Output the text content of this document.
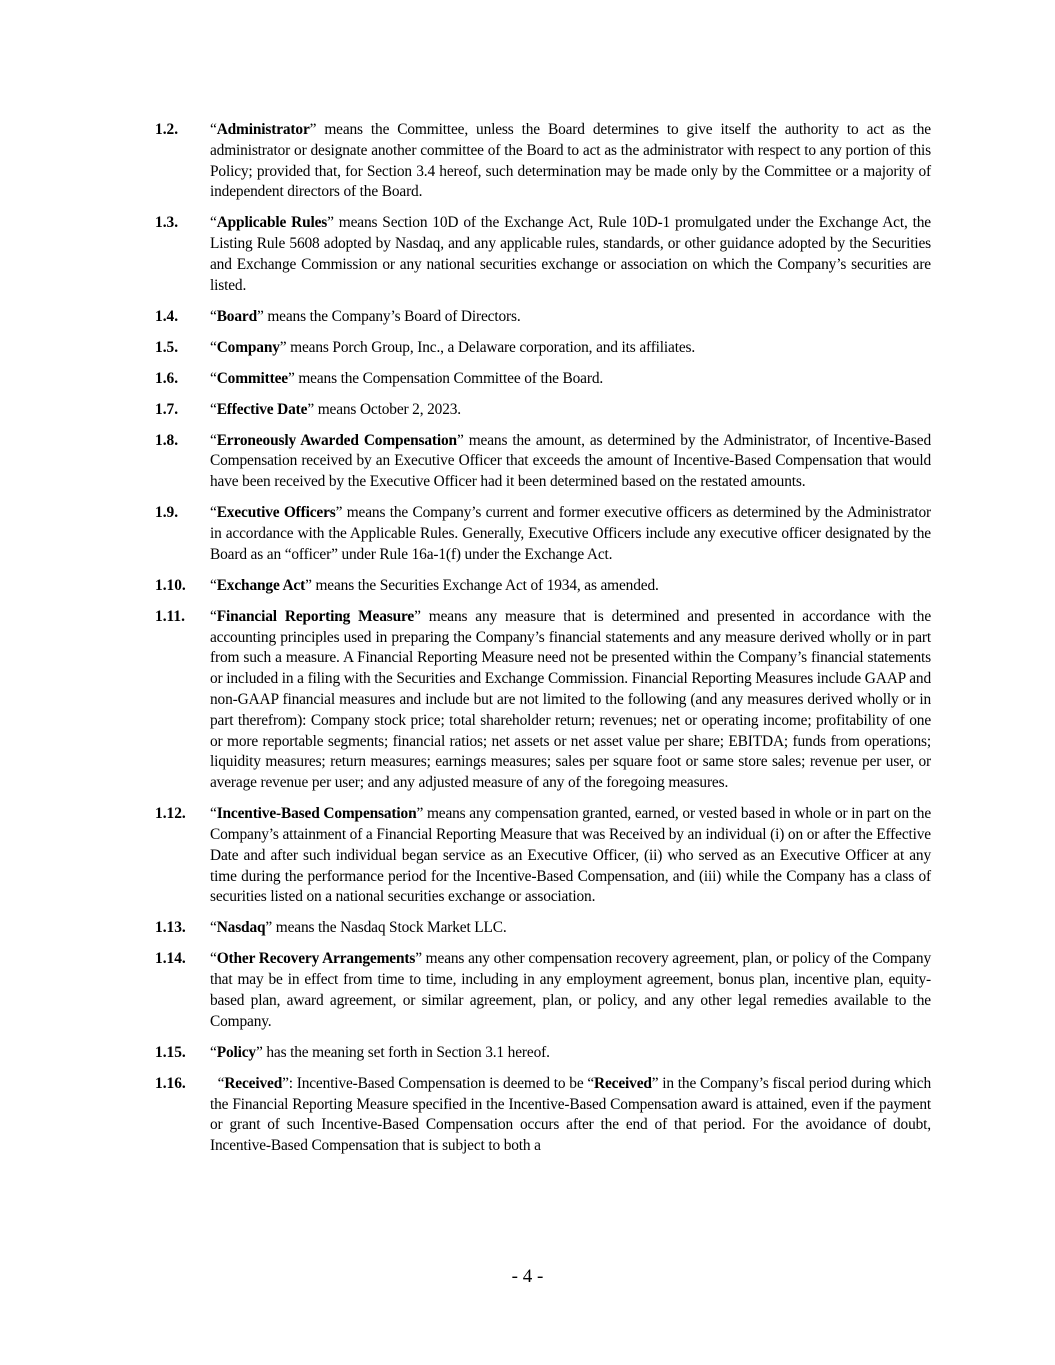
1.2.	“Administrator” means the Committee, unless the Board determines to give itself the authority to act as the administrator or designate another committee of the Board to act as the administrator with respect to any portion of this Policy; provided that, for Section 3.4 hereof, such determination may be made only by the Committee or a majority of independent directors of the Board.
1.3.	“Applicable Rules” means Section 10D of the Exchange Act, Rule 10D-1 promulgated under the Exchange Act, the Listing Rule 5608 adopted by Nasdaq, and any applicable rules, standards, or other guidance adopted by the Securities and Exchange Commission or any national securities exchange or association on which the Company’s securities are listed.
1.4.	“Board” means the Company’s Board of Directors.
1.5.	“Company” means Porch Group, Inc., a Delaware corporation, and its affiliates.
1.6.	“Committee” means the Compensation Committee of the Board.
1.7.	“Effective Date” means October 2, 2023.
1.8.	“Erroneously Awarded Compensation” means the amount, as determined by the Administrator, of Incentive-Based Compensation received by an Executive Officer that exceeds the amount of Incentive-Based Compensation that would have been received by the Executive Officer had it been determined based on the restated amounts.
1.9.	“Executive Officers” means the Company’s current and former executive officers as determined by the Administrator in accordance with the Applicable Rules. Generally, Executive Officers include any executive officer designated by the Board as an “officer” under Rule 16a-1(f) under the Exchange Act.
1.10.	“Exchange Act” means the Securities Exchange Act of 1934, as amended.
1.11.	“Financial Reporting Measure” means any measure that is determined and presented in accordance with the accounting principles used in preparing the Company’s financial statements and any measure derived wholly or in part from such a measure. A Financial Reporting Measure need not be presented within the Company’s financial statements or included in a filing with the Securities and Exchange Commission. Financial Reporting Measures include GAAP and non-GAAP financial measures and include but are not limited to the following (and any measures derived wholly or in part therefrom): Company stock price; total shareholder return; revenues; net or operating income; profitability of one or more reportable segments; financial ratios; net assets or net asset value per share; EBITDA; funds from operations; liquidity measures; return measures; earnings measures; sales per square foot or same store sales; revenue per user, or average revenue per user; and any adjusted measure of any of the foregoing measures.
1.12.	“Incentive-Based Compensation” means any compensation granted, earned, or vested based in whole or in part on the Company’s attainment of a Financial Reporting Measure that was Received by an individual (i) on or after the Effective Date and after such individual began service as an Executive Officer, (ii) who served as an Executive Officer at any time during the performance period for the Incentive-Based Compensation, and (iii) while the Company has a class of securities listed on a national securities exchange or association.
1.13.	“Nasdaq” means the Nasdaq Stock Market LLC.
1.14.	“Other Recovery Arrangements” means any other compensation recovery agreement, plan, or policy of the Company that may be in effect from time to time, including in any employment agreement, bonus plan, incentive plan, equity-based plan, award agreement, or similar agreement, plan, or policy, and any other legal remedies available to the Company.
1.15.	“Policy” has the meaning set forth in Section 3.1 hereof.
1.16.	“Received”: Incentive-Based Compensation is deemed to be “Received” in the Company’s fiscal period during which the Financial Reporting Measure specified in the Incentive-Based Compensation award is attained, even if the payment or grant of such Incentive-Based Compensation occurs after the end of that period. For the avoidance of doubt, Incentive-Based Compensation that is subject to both a
- 4 -
